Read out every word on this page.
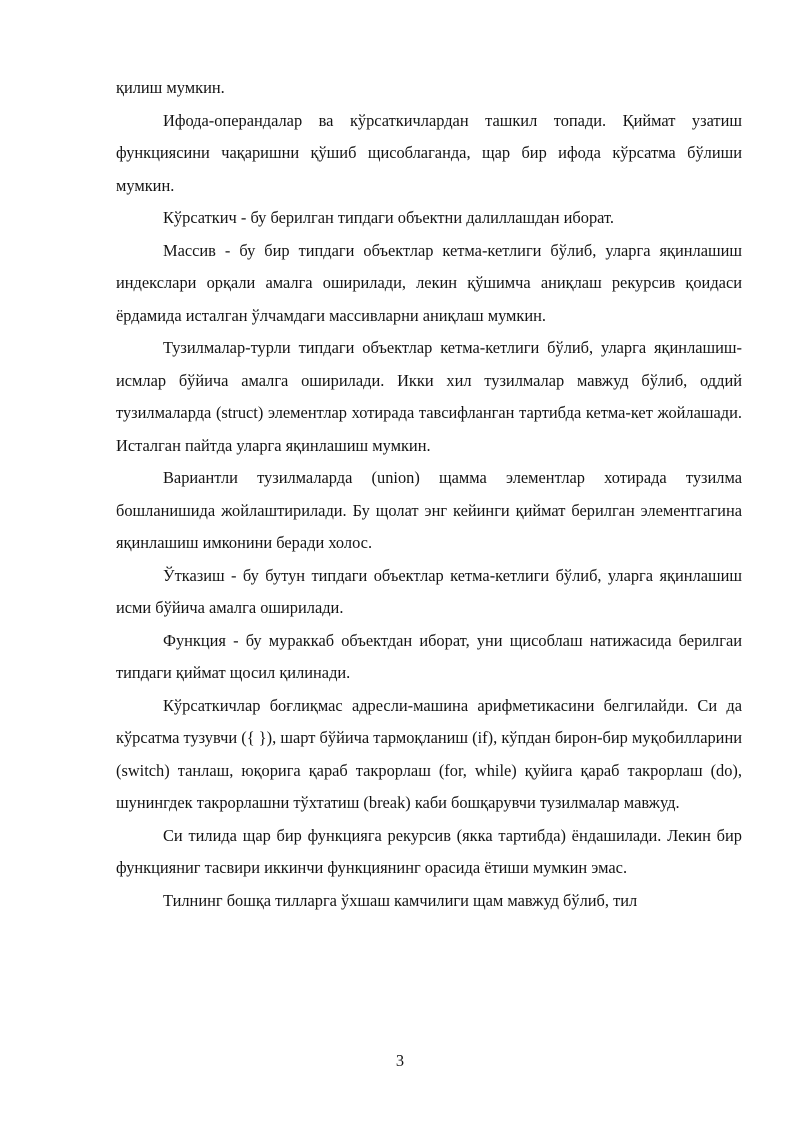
қилиш мумкин.

Ифода-операндалар ва кўрсаткичлардан ташкил топади. Қиймат узатиш функциясини чақаришни қўшиб щисоблаганда, щар бир ифода кўрсатма бўлиши мумкин.

Кўрсаткич - бу берилган типдаги объектни далиллашдан иборат.

Массив - бу бир типдаги объектлар кетма-кетлиги бўлиб, уларга яқинлашиш индекслари орқали амалга оширилади, лекин қўшимча аниқлаш рекурсив қоидаси ёрдамида исталган ўлчамдаги массивларни аниқлаш мумкин.

Тузилмалар-турли типдаги объектлар кетма-кетлиги бўлиб, уларга яқинлашиш-исмлар бўйича амалга оширилади. Икки хил тузилмалар мавжуд бўлиб, оддий тузилмаларда (struct) элементлар хотирада тавсифланган тартибда кетма-кет жойлашади. Исталган пайтда уларга яқинлашиш мумкин.

Вариантли тузилмаларда (union) щамма элементлар хотирада тузилма бошланишида жойлаштирилади. Бу щолат энг кейинги қиймат берилган элементгагина яқинлашиш имконини беради холос.

Ўтказиш - бу бутун типдаги объектлар кетма-кетлиги бўлиб, уларга яқинлашиш исми бўйича амалга оширилади.

Функция - бу мураккаб объектдан иборат, уни щисоблаш натижасида берилгаи типдаги қиймат щосил қилинади.

Кўрсаткичлар боғлиқмас адресли-машина арифметикасини белгилайди. Си да кўрсатма тузувчи ({ }), шарт бўйича тармоқланиш (if), кўпдан бирон-бир муқобилларини (switch) танлаш, юқорига қараб такрорлаш (for, while) қуйига қараб такрорлаш (do), шунингдек такрорлашни тўхтатиш (break) каби бошқарувчи тузилмалар мавжуд.

Си тилида щар бир функцияга рекурсив (якка тартибда) ёндашилади. Лекин бир функцияниг тасвири иккинчи функциянинг орасида ётиши мумкин эмас.

Тилнинг бошқа тилларга ўхшаш камчилиги щам мавжуд бўлиб, тил

3
